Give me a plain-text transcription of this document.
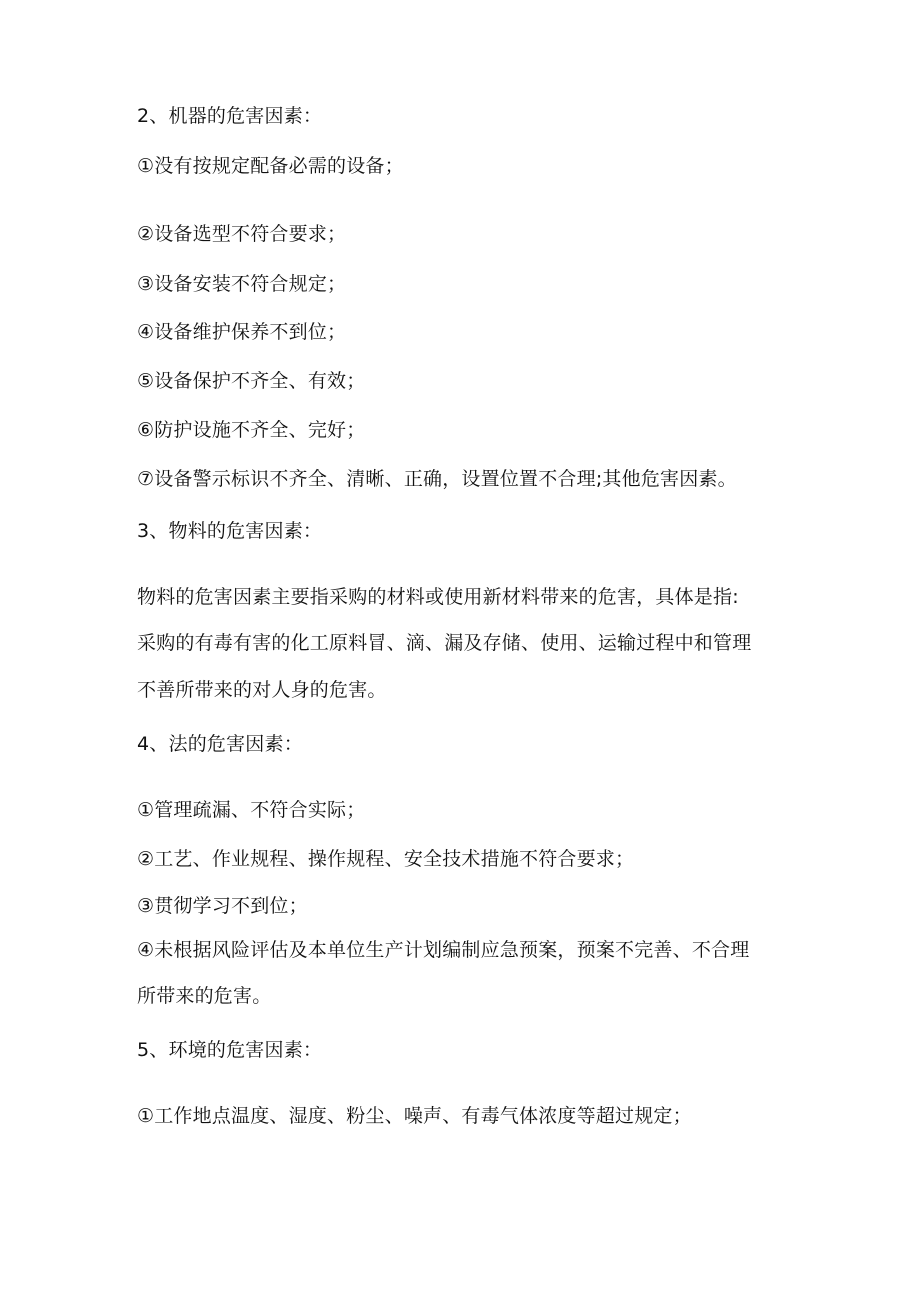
2、机器的危害因素：
①没有按规定配备必需的设备；
②设备选型不符合要求；
③设备安装不符合规定；
④设备维护保养不到位；
⑤设备保护不齐全、有效；
⑥防护设施不齐全、完好；
⑦设备警示标识不齐全、清晰、正确，设置位置不合理;其他危害因素。
3、物料的危害因素：
物料的危害因素主要指采购的材料或使用新材料带来的危害，具体是指:
采购的有毒有害的化工原料冒、滴、漏及存储、使用、运输过程中和管理
不善所带来的对人身的危害。
4、法的危害因素：
①管理疏漏、不符合实际；
②工艺、作业规程、操作规程、安全技术措施不符合要求；
③贯彻学习不到位；
④未根据风险评估及本单位生产计划编制应急预案，预案不完善、不合理
所带来的危害。
5、环境的危害因素：
①工作地点温度、湿度、粉尘、噪声、有毒气体浓度等超过规定；
